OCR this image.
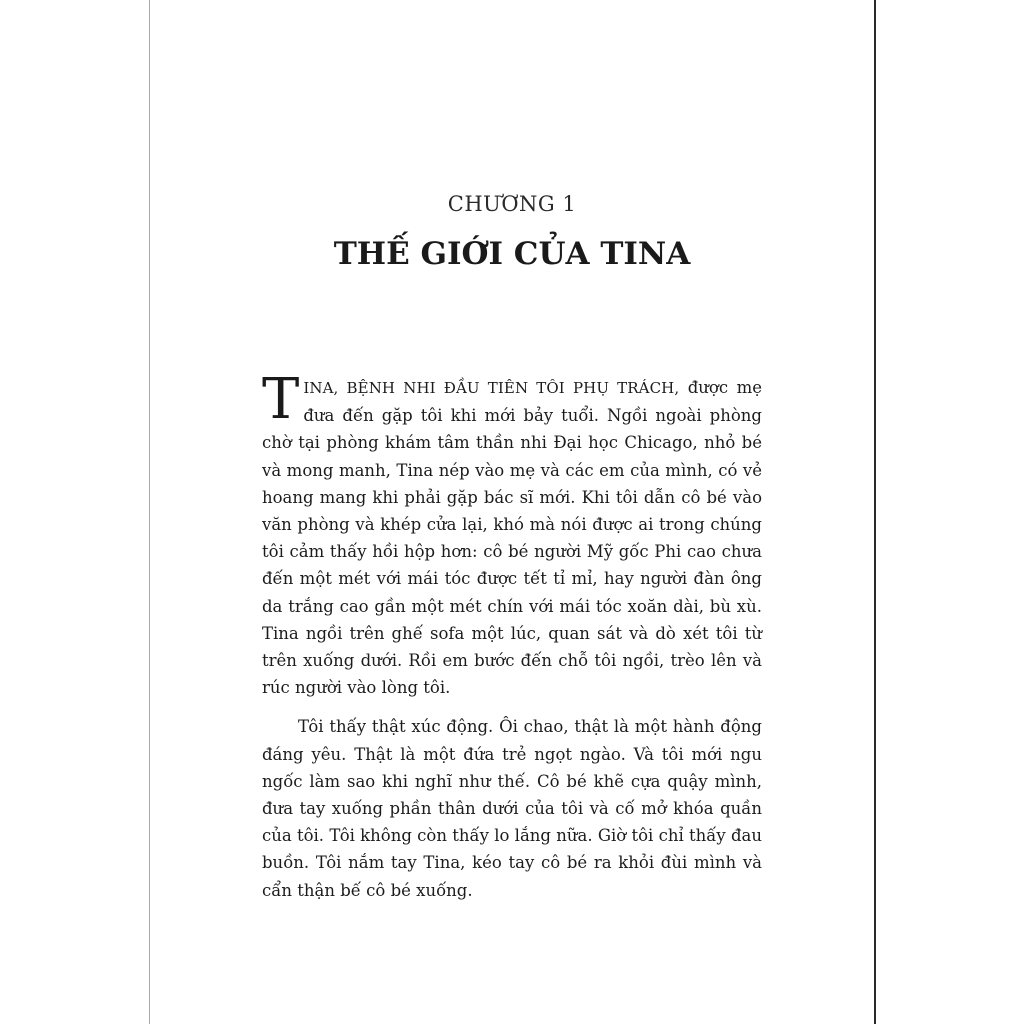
CHƯƠNG 1
THẾ GIỚI CỦA TINA

TINA, BỆNH NHI ĐẦU TIÊN TÔI PHỤ TRÁCH, được mẹ đưa đến gặp tôi khi mới bảy tuổi. Ngồi ngoài phòng chờ tại phòng khám tâm thần nhi Đại học Chicago, nhỏ bé và mong manh, Tina nép vào mẹ và các em của mình, có vẻ hoang mang khi phải gặp bác sĩ mới. Khi tôi dẫn cô bé vào văn phòng và khép cửa lại, khó mà nói được ai trong chúng tôi cảm thấy hồi hộp hơn: cô bé người Mỹ gốc Phi cao chưa đến một mét với mái tóc được tết tỉ mỉ, hay người đàn ông da trắng cao gần một mét chín với mái tóc xoăn dài, bù xù. Tina ngồi trên ghế sofa một lúc, quan sát và dò xét tôi từ trên xuống dưới. Rồi em bước đến chỗ tôi ngồi, trèo lên và rúc người vào lòng tôi.

Tôi thấy thật xúc động. Ôi chao, thật là một hành động đáng yêu. Thật là một đứa trẻ ngọt ngào. Và tôi mới ngu ngốc làm sao khi nghĩ như thế. Cô bé khẽ cựa quậy mình, đưa tay xuống phần thân dưới của tôi và cố mở khóa quần của tôi. Tôi không còn thấy lo lắng nữa. Giờ tôi chỉ thấy đau buồn. Tôi nắm tay Tina, kéo tay cô bé ra khỏi đùi mình và cẩn thận bế cô bé xuống.
